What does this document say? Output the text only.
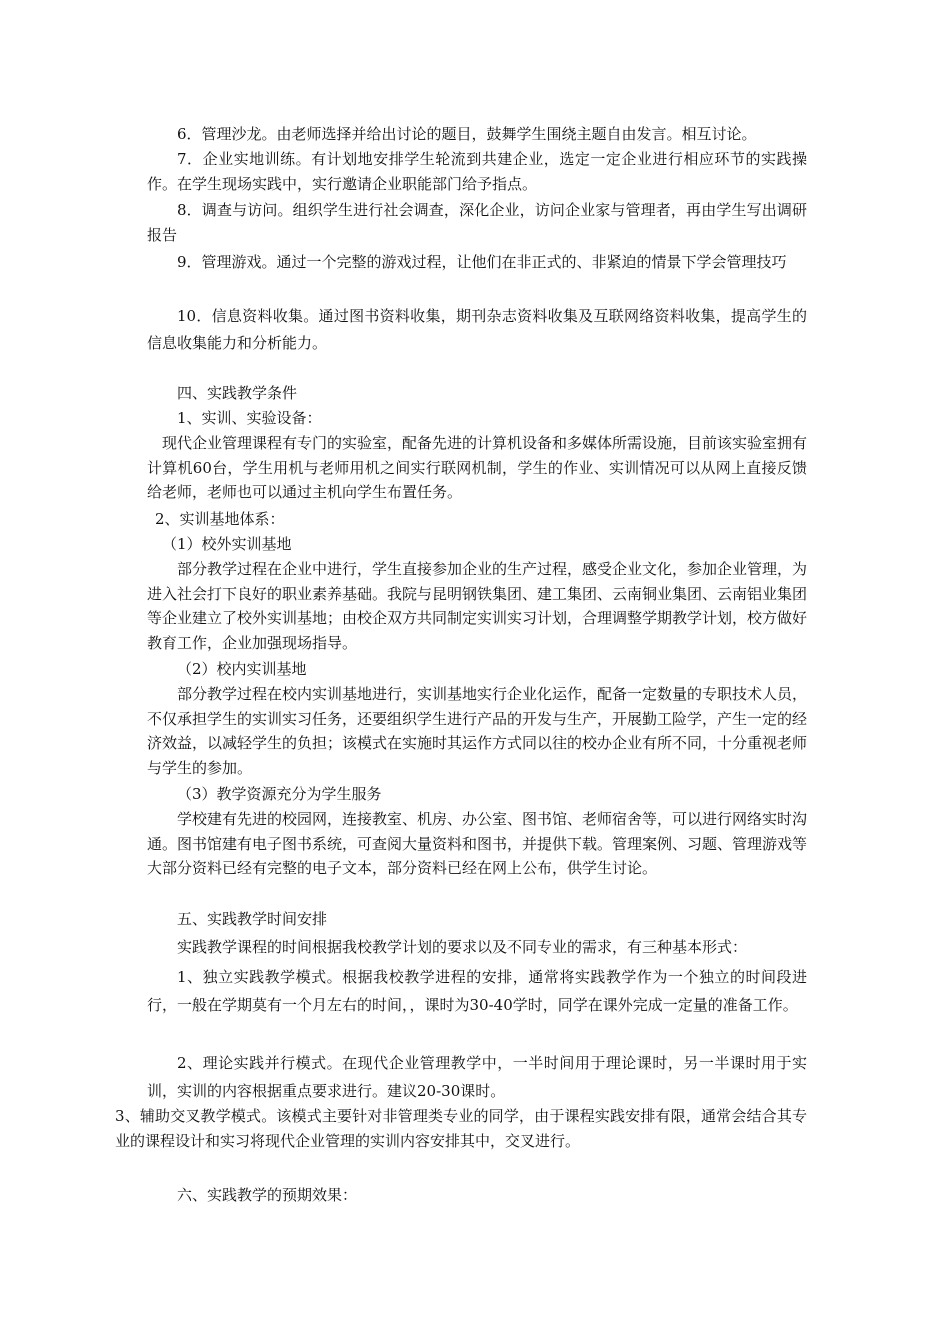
6．管理沙龙。由老师选择并给出讨论的题目，鼓舞学生围绕主题自由发言。相互讨论。

7．企业实地训练。有计划地安排学生轮流到共建企业，选定一定企业进行相应环节的实践操作。在学生现场实践中，实行邀请企业职能部门给予指点。

8．调查与访问。组织学生进行社会调查，深化企业，访问企业家与管理者，再由学生写出调研报告

9．管理游戏。通过一个完整的游戏过程，让他们在非正式的、非紧迫的情景下学会管理技巧

10．信息资料收集。通过图书资料收集，期刊杂志资料收集及互联网络资料收集，提高学生的信息收集能力和分析能力。

四、实践教学条件

1、实训、实验设备：

现代企业管理课程有专门的实验室，配备先进的计算机设备和多媒体所需设施，目前该实验室拥有计算机60台，学生用机与老师用机之间实行联网机制，学生的作业、实训情况可以从网上直接反馈给老师，老师也可以通过主机向学生布置任务。

2、实训基地体系：

（1）校外实训基地

部分教学过程在企业中进行，学生直接参加企业的生产过程，感受企业文化，参加企业管理，为进入社会打下良好的职业素养基础。我院与昆明钢铁集团、建工集团、云南铜业集团、云南铝业集团等企业建立了校外实训基地；由校企双方共同制定实训实习计划，合理调整学期教学计划，校方做好教育工作，企业加强现场指导。

（2）校内实训基地

部分教学过程在校内实训基地进行，实训基地实行企业化运作，配备一定数量的专职技术人员，不仅承担学生的实训实习任务，还要组织学生进行产品的开发与生产，开展勤工险学，产生一定的经济效益，以减轻学生的负担；该模式在实施时其运作方式同以往的校办企业有所不同，十分重视老师与学生的参加。

（3）教学资源充分为学生服务

学校建有先进的校园网，连接教室、机房、办公室、图书馆、老师宿舍等，可以进行网络实时沟通。图书馆建有电子图书系统，可查阅大量资料和图书，并提供下载。管理案例、习题、管理游戏等大部分资料已经有完整的电子文本，部分资料已经在网上公布，供学生讨论。

五、实践教学时间安排

实践教学课程的时间根据我校教学计划的要求以及不同专业的需求，有三种基本形式：

1、独立实践教学模式。根据我校教学进程的安排，通常将实践教学作为一个独立的时间段进行，一般在学期莫有一个月左右的时间，，课时为30-40学时，同学在课外完成一定量的准备工作。

2、理论实践并行模式。在现代企业管理教学中，一半时间用于理论课时，另一半课时用于实训，实训的内容根据重点要求进行。建议20-30课时。

3、辅助交叉教学模式。该模式主要针对非管理类专业的同学，由于课程实践安排有限，通常会结合其专业的课程设计和实习将现代企业管理的实训内容安排其中，交叉进行。

六、实践教学的预期效果：
